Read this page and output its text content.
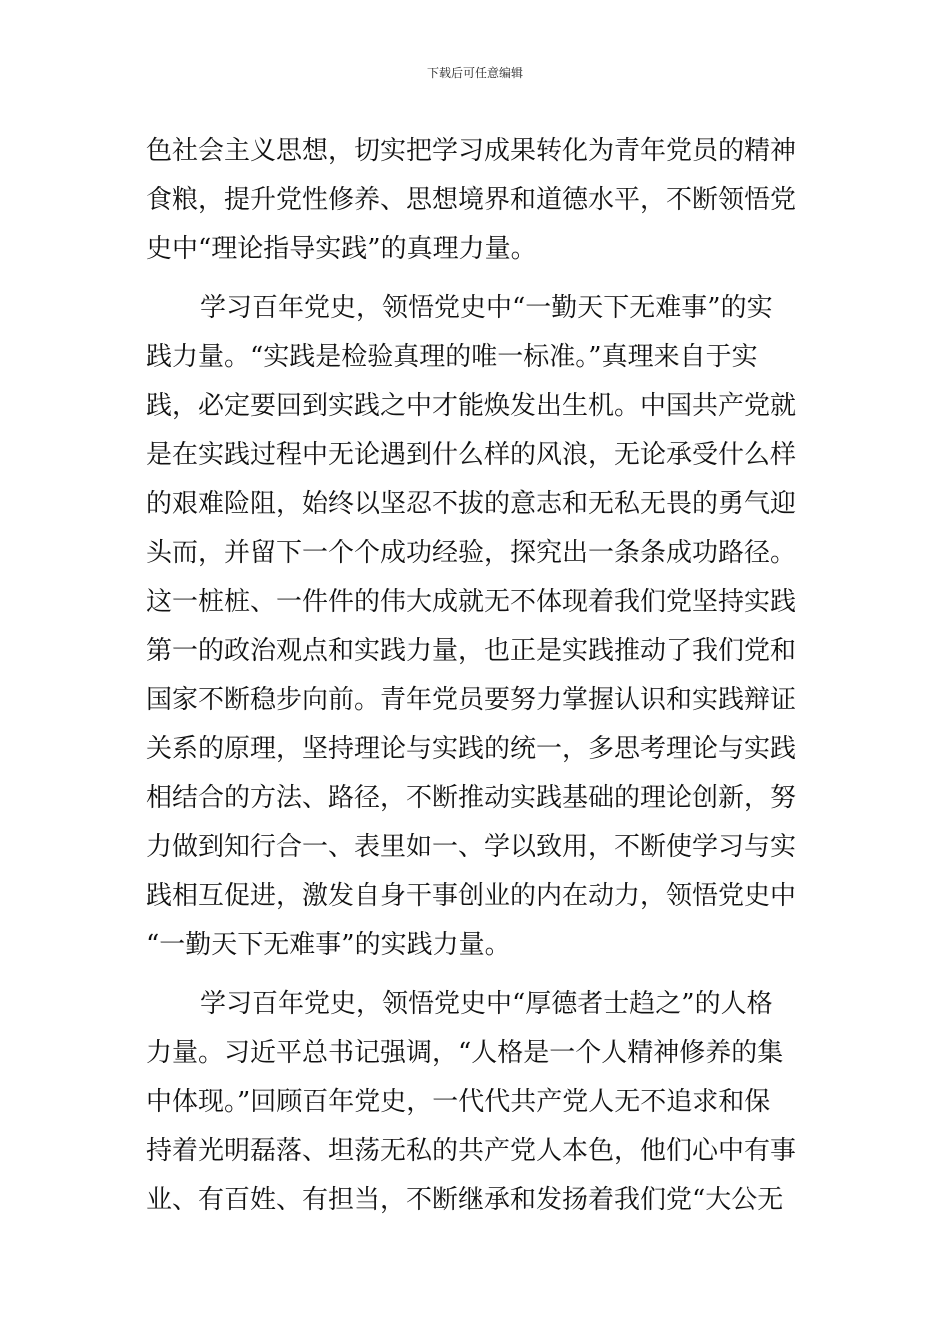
下载后可任意编辑
色社会主义思想，切实把学习成果转化为青年党员的精神
食粮，提升党性修养、思想境界和道德水平，不断领悟党
史中“理论指导实践”的真理力量。
学习百年党史，领悟党史中“一勤天下无难事”的实
践力量。“实践是检验真理的唯一标准。”真理来自于实
践，必定要回到实践之中才能焕发出生机。中国共产党就
是在实践过程中无论遇到什么样的风浪，无论承受什么样
的艰难险阻，始终以坚忍不拔的意志和无私无畏的勇气迎
头而，并留下一个个成功经验，探究出一条条成功路径。
这一桩桩、一件件的伟大成就无不体现着我们党坚持实践
第一的政治观点和实践力量，也正是实践推动了我们党和
国家不断稳步向前。青年党员要努力掌握认识和实践辩证
关系的原理，坚持理论与实践的统一，多思考理论与实践
相结合的方法、路径，不断推动实践基础的理论创新，努
力做到知行合一、表里如一、学以致用，不断使学习与实
践相互促进，激发自身干事创业的内在动力，领悟党史中
“一勤天下无难事”的实践力量。
学习百年党史，领悟党史中“厚德者士趋之”的人格
力量。习近平总书记强调，“人格是一个人精神修养的集
中体现。”回顾百年党史，一代代共产党人无不追求和保
持着光明磊落、坦荡无私的共产党人本色，他们心中有事
业、有百姓、有担当，不断继承和发扬着我们党“大公无
